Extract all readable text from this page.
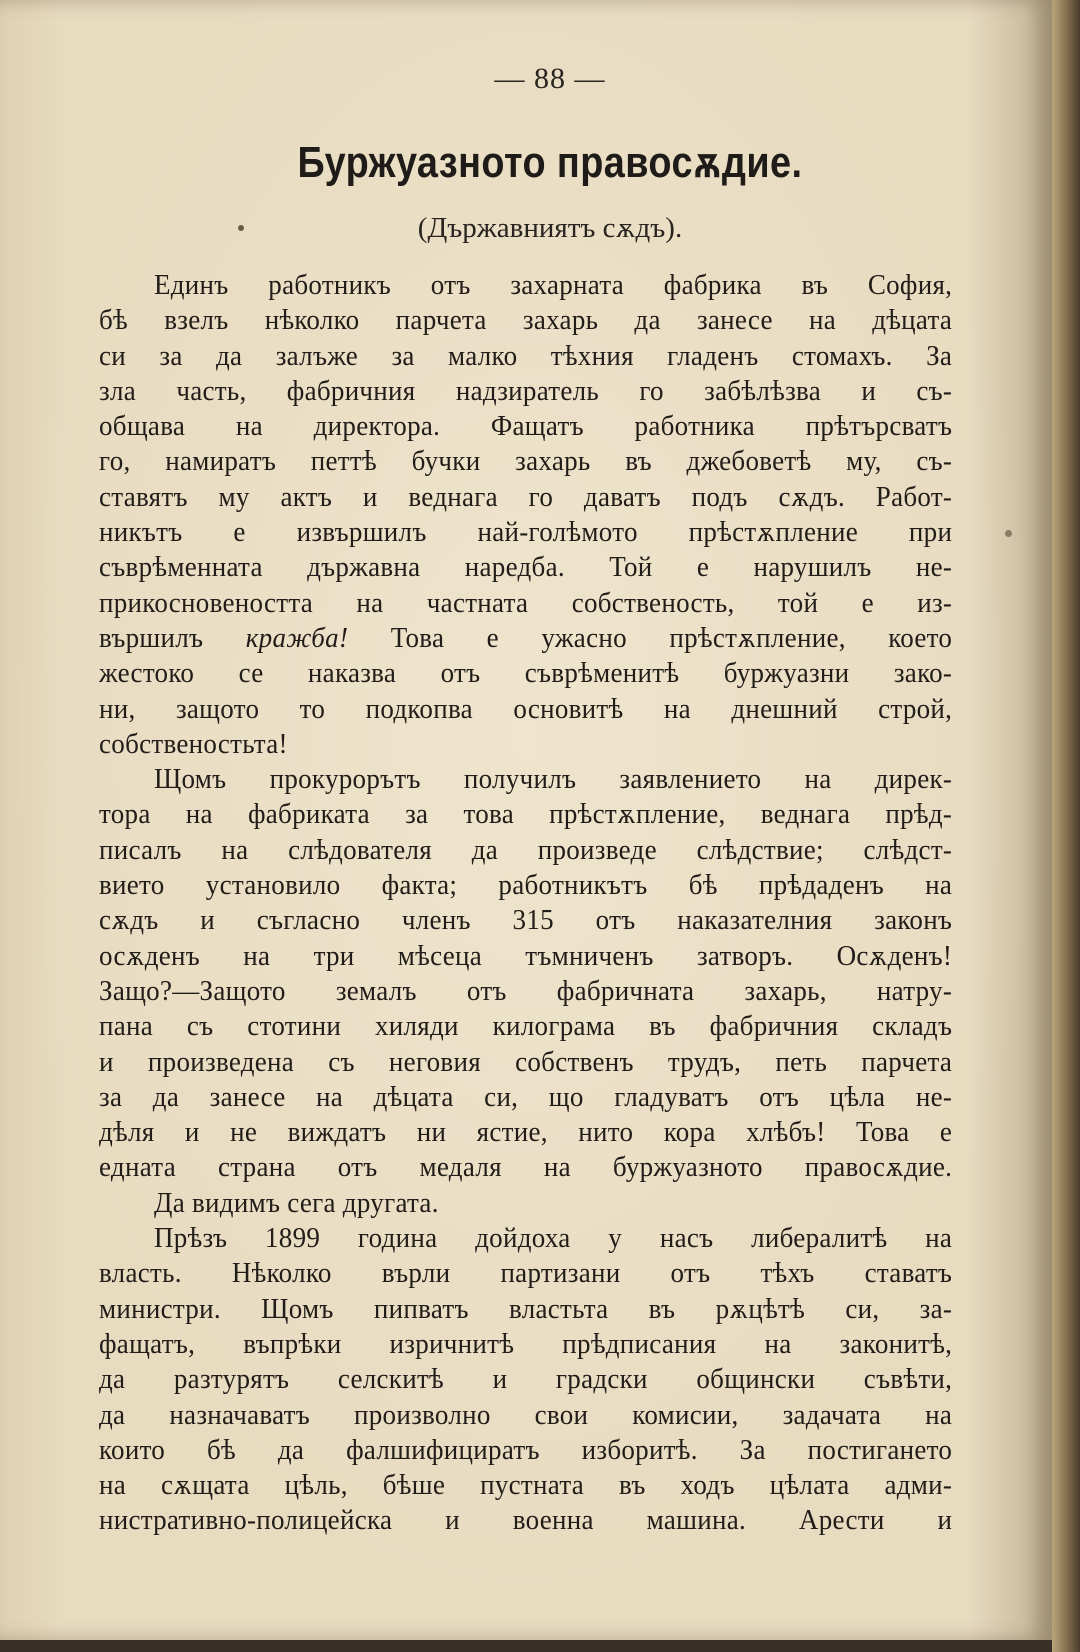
— 88 —
Буржуазното правосѫдие.
(Държавниятъ сѫдъ).
Единъ работникъ отъ захарната фабрика въ София,
бѣ взелъ нѣколко парчета захарь да занесе на дѣцата
си за да залъже за малко тѣхния гладенъ стомахъ. За
зла часть, фабричния надзиратель го забѣлѣзва и съ-
общава на директора. Фащатъ работника прѣтърсватъ
го, намиратъ петтѣ бучки захарь въ джебоветѣ му, съ-
ставятъ му актъ и веднага го даватъ подъ сѫдъ. Работ-
никътъ е извършилъ най-голѣмото прѣстѫпление при
съврѣменната държавна наредба. Той е нарушилъ не-
прикосновеността на частната собственость, той е из-
вършилъ кражба! Това е ужасно прѣстѫпление, което
жестоко се наказва отъ съврѣменитѣ буржуазни зако-
ни, защото то подкопва основитѣ на днешний строй,
собственостьта!
Щомъ прокурорътъ получилъ заявлението на дирек-
тора на фабриката за това прѣстѫпление, веднага прѣд-
писалъ на слѣдователя да произведе слѣдствие; слѣдст-
вието установило факта; работникътъ бѣ прѣдаденъ на
сѫдъ и съгласно членъ 315 отъ наказателния законъ
осѫденъ на три мѣсеца тъмниченъ затворъ. Осѫденъ!
Защо?—Защото земалъ отъ фабричната захарь, натру-
пана съ стотини хиляди килограма въ фабричния складъ
и произведена съ неговия собственъ трудъ, петь парчета
за да занесе на дѣцата си, що гладуватъ отъ цѣла не-
дѣля и не виждатъ ни ястие, нито кора хлѣбъ! Това е
едната страна отъ медаля на буржуазното правосѫдие.
Да видимъ сега другата.
Прѣзъ 1899 година дойдоха у насъ либералитѣ на
власть. Нѣколко върли партизани отъ тѣхъ ставатъ
министри. Щомъ пипватъ властьта въ рѫцѣтѣ си, за-
фащатъ, въпрѣки изричнитѣ прѣдписания на законитѣ,
да разтурятъ селскитѣ и градски общински съвѣти,
да назначаватъ произволно свои комисии, задачата на
които бѣ да фалшифициратъ изборитѣ. За постигането
на сѫщата цѣль, бѣше пустната въ ходъ цѣлата адми-
нистративно-полицейска и военна машина. Арести и
